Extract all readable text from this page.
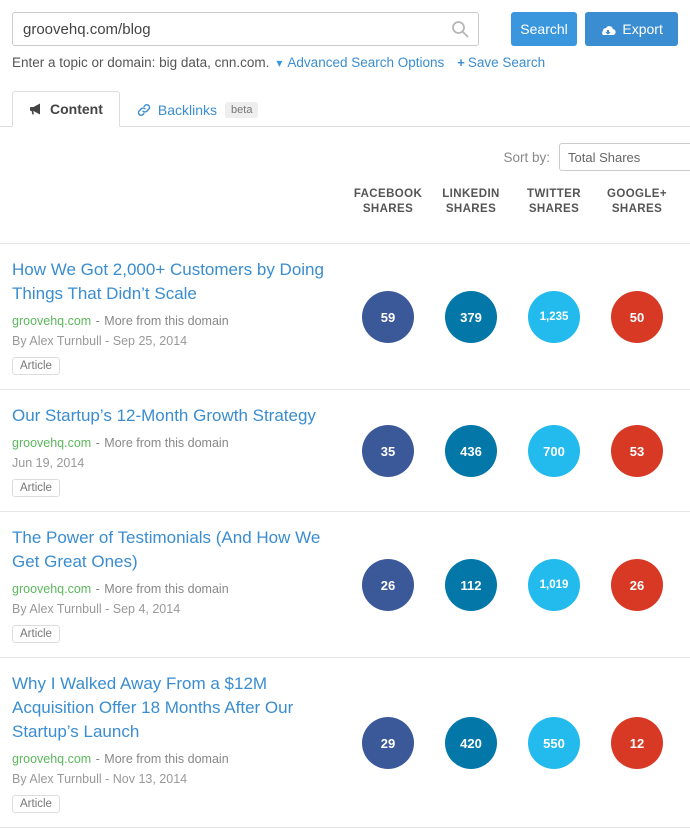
groovehq.com/blog
Searchl	Export
Enter a topic or domain: big data, cnn.com. ▾ Advanced Search Options + Save Search
Content	Backlinks	beta
Sort by: Total Shares
FACEBOOK
SHARES
LINKEDIN
SHARES
TWITTER
SHARES
GOOGLE+
SHARES
How We Got 2,000+ Customers by Doing Things That Didn’t Scale
groovehq.com - More from this domain
By Alex Turnbull - Sep 25, 2014
Article
59	379	1,235	50
Our Startup’s 12-Month Growth Strategy
groovehq.com - More from this domain
Jun 19, 2014
Article
35	436	700	53
The Power of Testimonials (And How We Get Great Ones)
groovehq.com - More from this domain
By Alex Turnbull - Sep 4, 2014
Article
26	112	1,019	26
Why I Walked Away From a $12M Acquisition Offer 18 Months After Our Startup’s Launch
groovehq.com - More from this domain
By Alex Turnbull - Nov 13, 2014
Article
29	420	550	12
